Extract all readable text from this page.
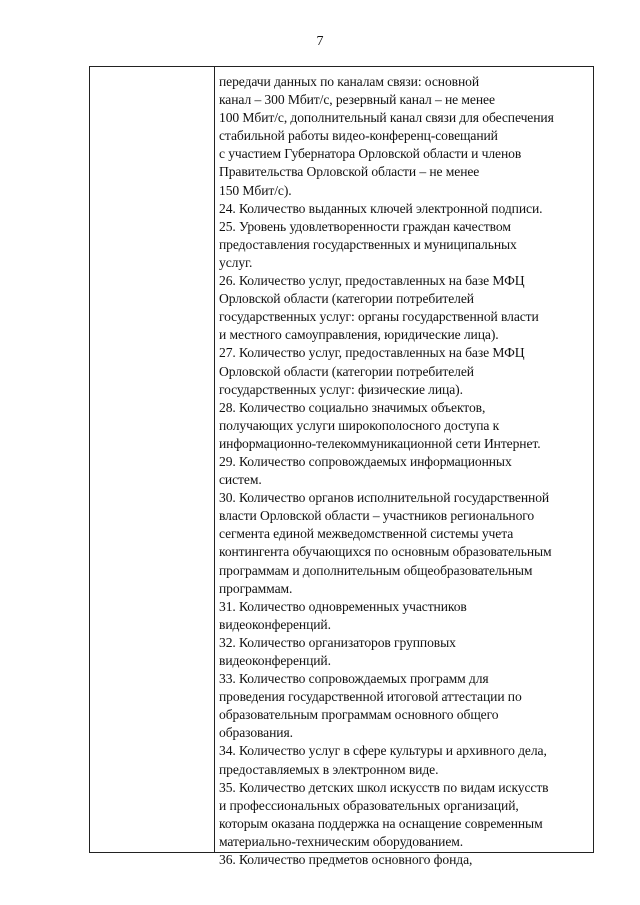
7
передачи данных по каналам связи: основной
канал – 300 Мбит/с, резервный канал – не менее
100 Мбит/с, дополнительный канал связи для обеспечения
стабильной работы видео-конференц-совещаний
с участием Губернатора Орловской области и членов
Правительства Орловской области – не менее
150 Мбит/с).
24. Количество выданных ключей электронной подписи.
25. Уровень удовлетворенности граждан качеством
предоставления государственных и муниципальных
услуг.
26. Количество услуг, предоставленных на базе МФЦ
Орловской области (категории потребителей
государственных услуг: органы государственной власти
и местного самоуправления, юридические лица).
27. Количество услуг, предоставленных на базе МФЦ
Орловской области (категории потребителей
государственных услуг: физические лица).
28. Количество социально значимых объектов,
получающих услуги широкополосного доступа к
информационно-телекоммуникационной сети Интернет.
29. Количество сопровождаемых информационных
систем.
30. Количество органов исполнительной государственной
власти Орловской области – участников регионального
сегмента единой межведомственной системы учета
контингента обучающихся по основным образовательным
программам и дополнительным общеобразовательным
программам.
31. Количество одновременных участников
видеоконференций.
32. Количество организаторов групповых
видеоконференций.
33. Количество сопровождаемых программ для
проведения государственной итоговой аттестации по
образовательным программам основного общего
образования.
34. Количество услуг в сфере культуры и архивного дела,
предоставляемых в электронном виде.
35. Количество детских школ искусств по видам искусств
и профессиональных образовательных организаций,
которым оказана поддержка на оснащение современным
материально-техническим оборудованием.
36. Количество предметов основного фонда,
